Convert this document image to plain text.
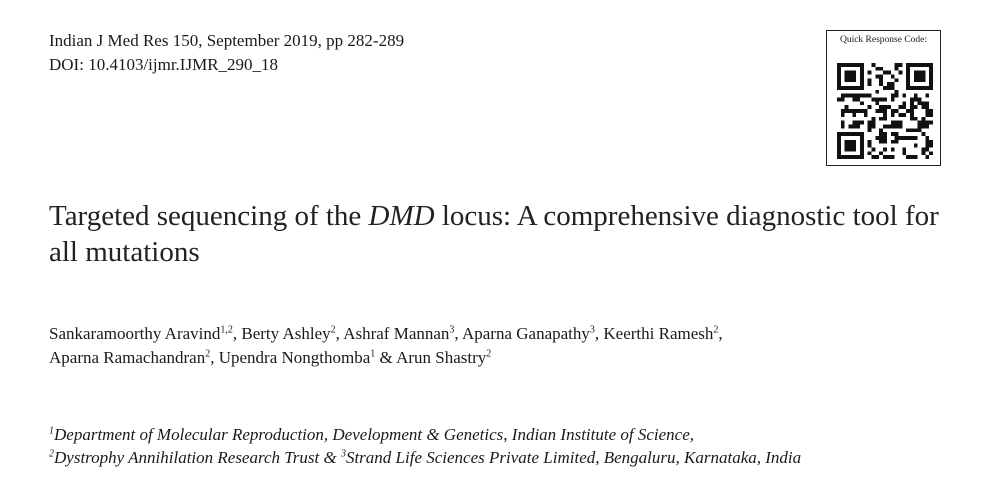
Indian J Med Res 150, September 2019, pp 282-289
DOI: 10.4103/ijmr.IJMR_290_18
Quick Response Code:
Targeted sequencing of the DMD locus: A comprehensive diagnostic tool for all mutations
Sankaramoorthy Aravind$^{1,2}$, Berty Ashley$^2$, Ashraf Mannan$^3$, Aparna Ganapathy$^3$, Keerthi Ramesh$^2$,
Aparna Ramachandran$^2$, Upendra Nongthomba$^1$ & Arun Shastry$^2$
$^1$Department of Molecular Reproduction, Development & Genetics, Indian Institute of Science,
$^2$Dystrophy Annihilation Research Trust & $^3$Strand Life Sciences Private Limited, Bengaluru, Karnataka, India
